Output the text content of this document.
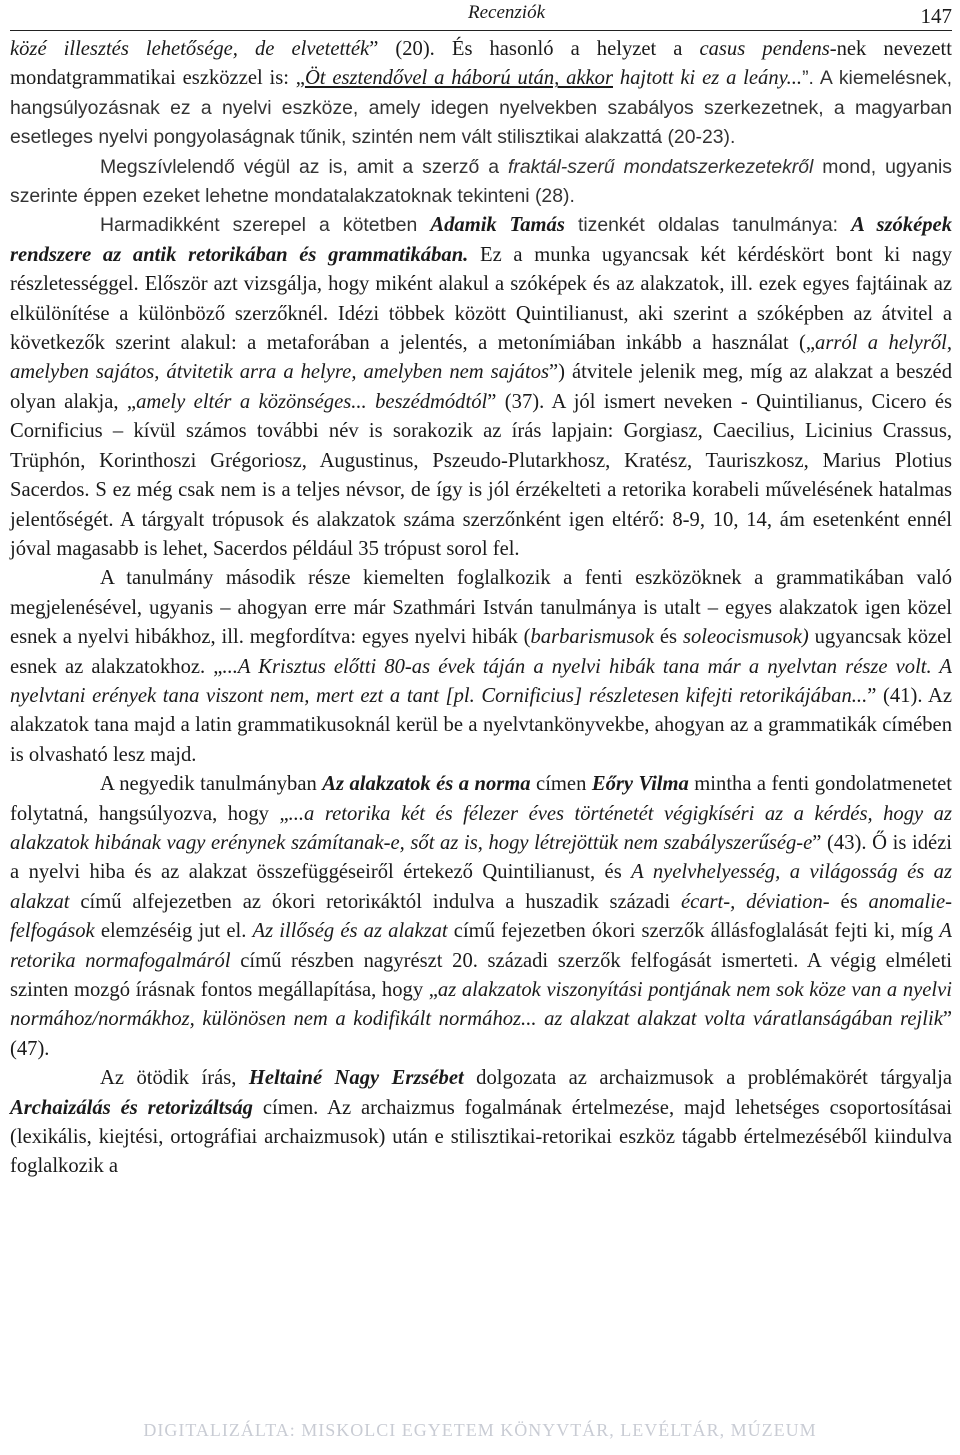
Recenziók	147

közé illesztés lehetősége, de elvetették” (20). És hasonló a helyzet a casus pendens-nek nevezett mondatgrammatikai eszközzel is: „Öt esztendővel a háború után, akkor hajtott ki ez a leány...”. A kiemelésnek, hangsúlyozásnak ez a nyelvi eszköze, amely idegen nyelvekben szabályos szerkezetnek, a magyarban esetleges nyelvi pongyolaságnak tűnik, szintén nem vált stilisztikai alakzattá (20-23).

Megszívlelendő végül az is, amit a szerző a fraktál-szerű mondatszerkezetekről mond, ugyanis szerinte éppen ezeket lehetne mondatalakzatoknak tekinteni (28).

Harmadikként szerepel a kötetben Adamik Tamás tizenkét oldalas tanulmánya: A szóképek rendszere az antik retorikában és grammatikában. Ez a munka ugyancsak két kérdéskört bont ki nagy részletességgel. Először azt vizsgálja, hogy miként alakul a szóképek és az alakzatok, ill. ezek egyes fajtáinak az elkülönítése a különböző szerzőknél. Idézi többek között Quintilianust, aki szerint a szóképben az átvitel a következők szerint alakul: a metaforában a jelentés, a metonímiában inkább a használat („arról a helyről, amelyben sajátos, átvitetik arra a helyre, amelyben nem sajátos”) átvitele jelenik meg, míg az alakzat a beszéd olyan alakja, „amely eltér a közönséges... beszédmódtól” (37). A jól ismert neveken - Quintilianus, Cicero és Cornificius – kívül számos további név is sorakozik az írás lapjain: Gorgiasz, Caecilius, Licinius Crassus, Trüphón, Korinthoszi Grégoriosz, Augustinus, Pszeudo-Plutarkhosz, Kratész, Tauriszkosz, Marius Plotius Sacerdos. S ez még csak nem is a teljes névsor, de így is jól érzékelteti a retorika korabeli művelésének hatalmas jelentőségét. A tárgyalt trópusok és alakzatok száma szerzőnként igen eltérő: 8-9, 10, 14, ám esetenként ennél jóval magasabb is lehet, Sacerdos például 35 trópust sorol fel.

A tanulmány második része kiemelten foglalkozik a fenti eszközöknek a grammatikában való megjelenésével, ugyanis – ahogyan erre már Szathmári István tanulmánya is utalt – egyes alakzatok igen közel esnek a nyelvi hibákhoz, ill. megfordítva: egyes nyelvi hibák (barbarismusok és soleocismusok) ugyancsak közel esnek az alakzatokhoz. „...A Krisztus előtti 80-as évek táján a nyelvi hibák tana már a nyelvtan része volt. A nyelvtani erények tana viszont nem, mert ezt a tant [pl. Cornificius] részletesen kifejti retorikájában...” (41). Az alakzatok tana majd a latin grammatikusoknál kerül be a nyelvtankönyvekbe, ahogyan az a grammatikák címében is olvasható lesz majd.

A negyedik tanulmányban Az alakzatok és a norma címen Eőry Vilma mintha a fenti gondolatmenetet folytatná, hangsúlyozva, hogy „...a retorika két és félezer éves történetét végigkíséri az a kérdés, hogy az alakzatok hibának vagy erénynek számítanak-e, sőt az is, hogy létrejöttük nem szabályszerűség-e” (43). Ő is idézi a nyelvi hiba és az alakzat összefüggéseiről értekező Quintilianust, és A nyelvhelyesség, a világosság és az alakzat című alfejezetben az ókori retoriкáktól indulva a huszadik századi écart-, déviation- és anomalie-felfogások elemzéséig jut el. Az illőség és az alakzat című fejezetben ókori szerzők állásfoglalását fejti ki, míg A retorika normafogalmáról című részben nagyrészt 20. századi szerzők felfogását ismerteti. A végig elméleti szinten mozgó írásnak fontos megállapítása, hogy „az alakzatok viszonyítási pontjának nem sok köze van a nyelvi normához/normákhoz, különösen nem a kodifikált normához... az alakzat alakzat volta váratlanságában rejlik” (47).

Az ötödik írás, Heltainé Nagy Erzsébet dolgozata az archaizmusok a problémakörét tárgyalja Archaizálás és retorizáltság címen. Az archaizmus fogalmának értelmezése, majd lehetséges csoportosításai (lexikális, kiejtési, ortográfiai archaizmusok) után e stilisztikai-retorikai eszköz tágabb értelmezéséből kiindulva foglalkozik a

DIGITALIZÁLTA: MISKOLCI EGYETEM KÖNYVTÁR, LEVÉLTÁR, MÚZEUM
